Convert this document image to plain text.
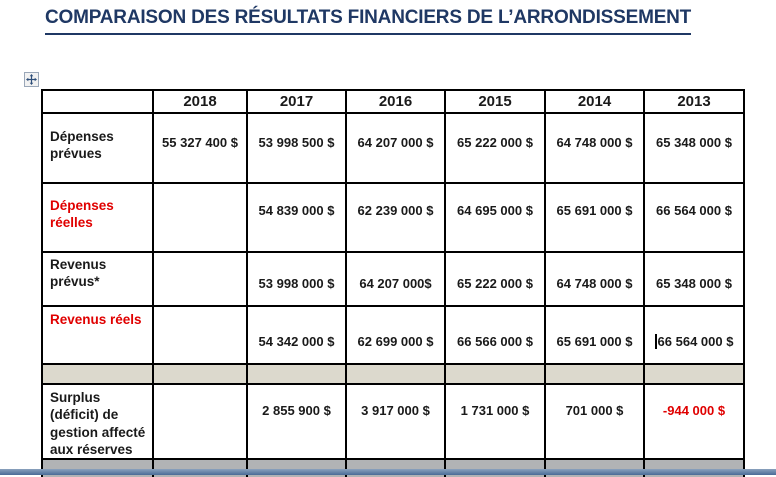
COMPARAISON DES RÉSULTATS FINANCIERS DE L’ARRONDISSEMENT
	2018	2017	2016	2015	2014	2013
Dépenses prévues	55 327 400 $	53 998 500 $	64 207 000 $	65 222 000 $	64 748 000 $	65 348 000 $
Dépenses réelles		54 839 000 $	62 239 000 $	64 695 000 $	65 691 000 $	66 564 000 $
Revenus prévus*		53 998 000 $	64 207 000$	65 222 000 $	64 748 000 $	65 348 000 $
Revenus réels		54 342 000 $	62 699 000 $	66 566 000 $	65 691 000 $	66 564 000 $

Surplus (déficit) de gestion affecté aux réserves		2 855 900 $	3 917 000 $	1 731 000 $	701 000 $	-944 000 $
